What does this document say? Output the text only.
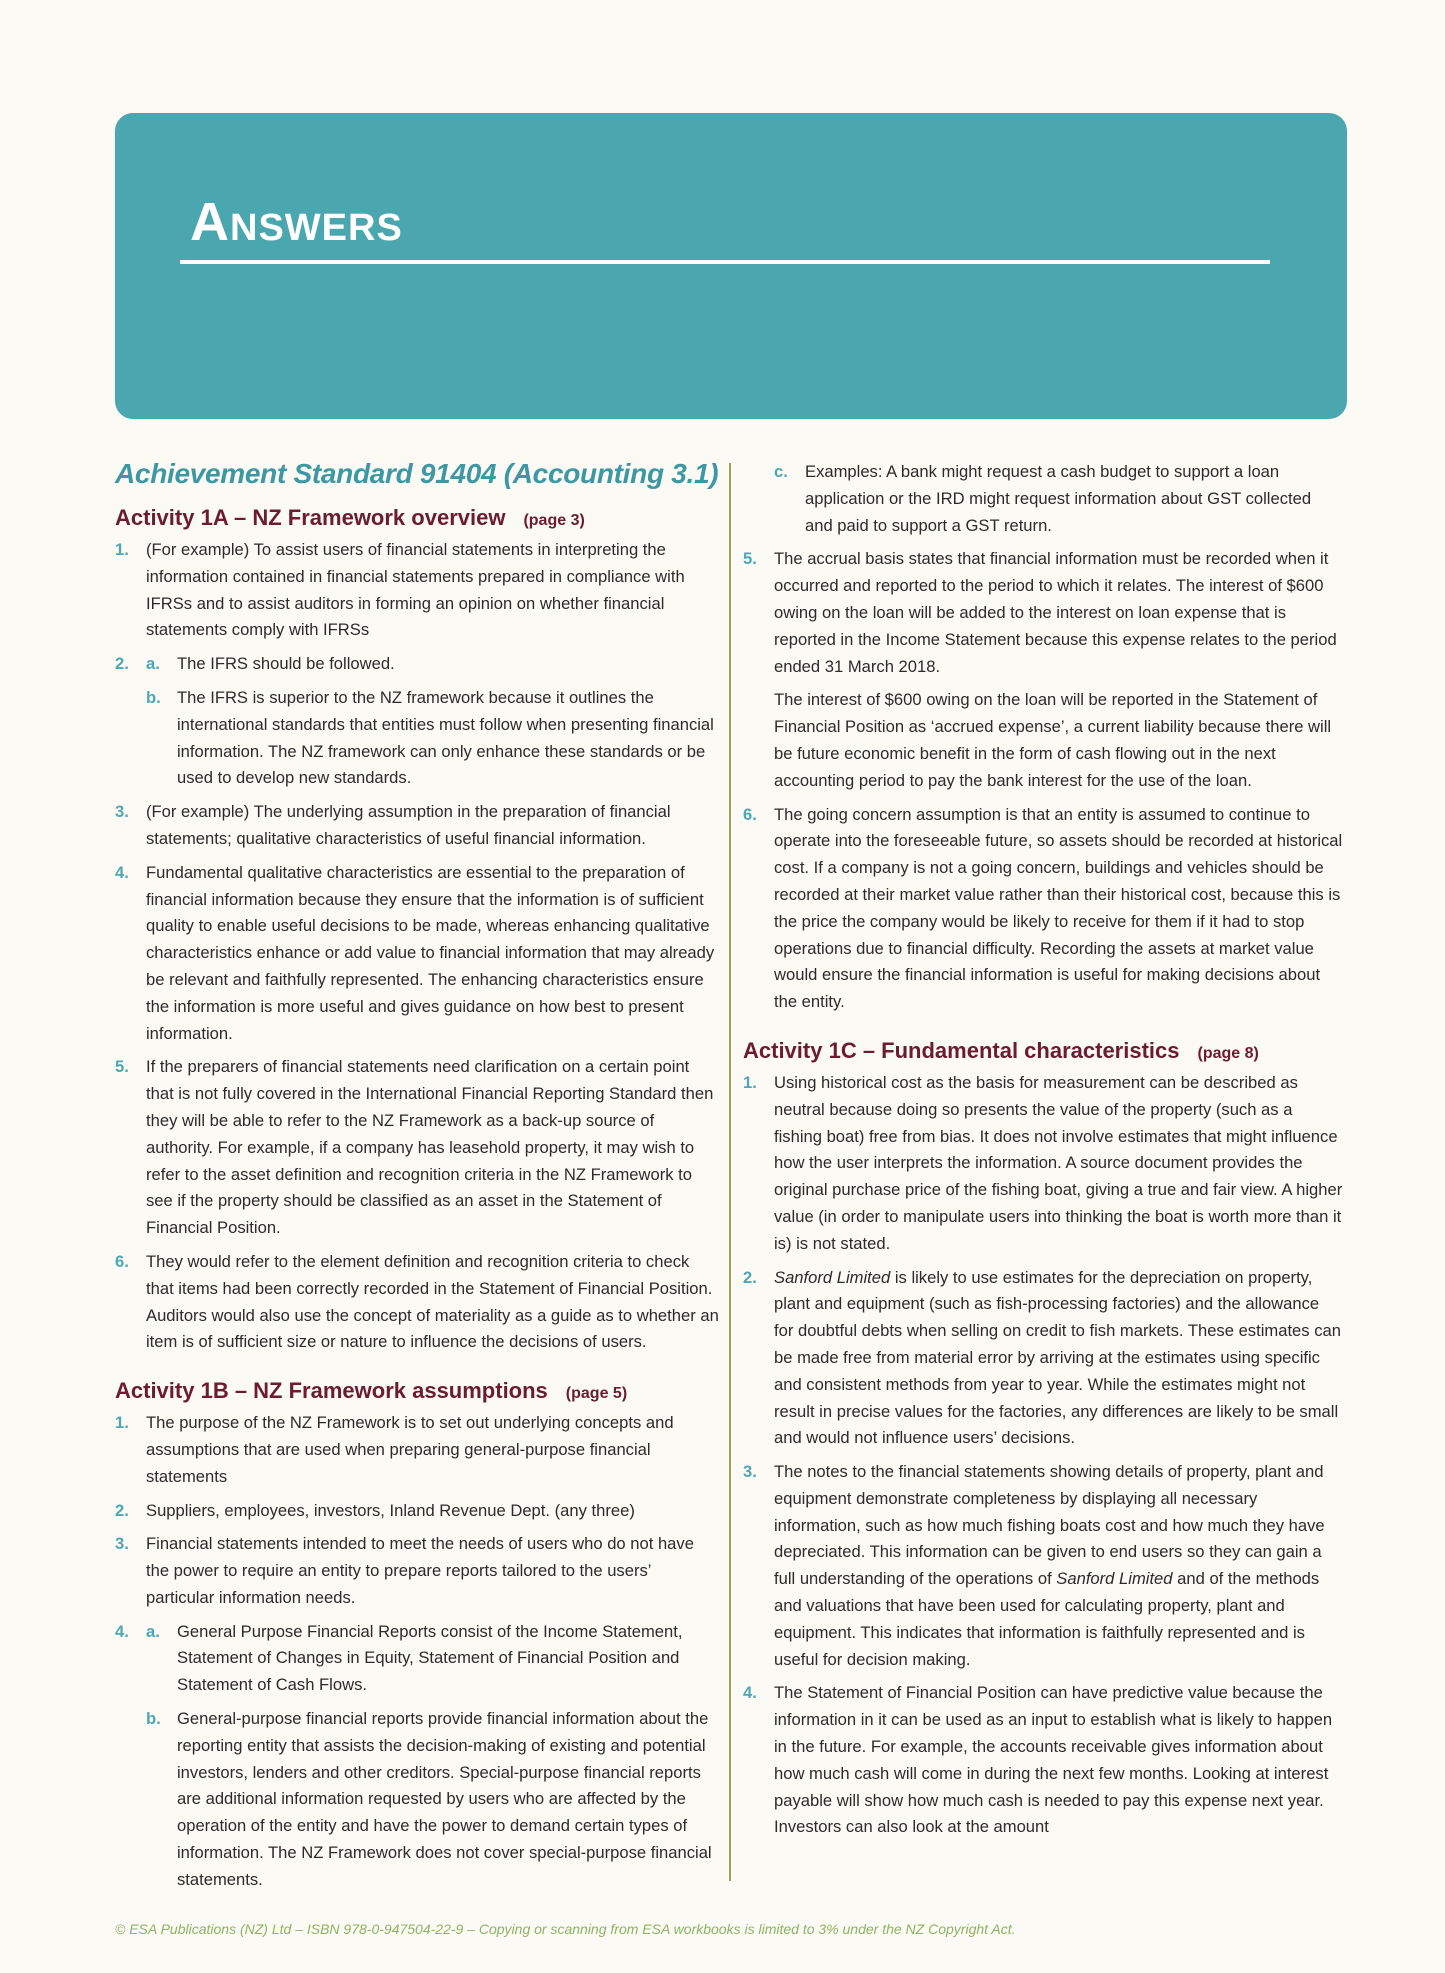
Answers
Achievement Standard 91404 (Accounting 3.1)
Activity 1A – NZ Framework overview (page 3)
1.	(For example) To assist users of financial statements in interpreting the information contained in financial statements prepared in compliance with IFRSs and to assist auditors in forming an opinion on whether financial statements comply with IFRSs
2.	a.	The IFRS should be followed.
b. The IFRS is superior to the NZ framework because it outlines the international standards that entities must follow when presenting financial information. The NZ framework can only enhance these standards or be used to develop new standards.
3.	(For example) The underlying assumption in the preparation of financial statements; qualitative characteristics of useful financial information.
4.	Fundamental qualitative characteristics are essential to the preparation of financial information because they ensure that the information is of sufficient quality to enable useful decisions to be made, whereas enhancing qualitative characteristics enhance or add value to financial information that may already be relevant and faithfully represented. The enhancing characteristics ensure the information is more useful and gives guidance on how best to present information.
5.	If the preparers of financial statements need clarification on a certain point that is not fully covered in the International Financial Reporting Standard then they will be able to refer to the NZ Framework as a back-up source of authority. For example, if a company has leasehold property, it may wish to refer to the asset definition and recognition criteria in the NZ Framework to see if the property should be classified as an asset in the Statement of Financial Position.
6.	They would refer to the element definition and recognition criteria to check that items had been correctly recorded in the Statement of Financial Position. Auditors would also use the concept of materiality as a guide as to whether an item is of sufficient size or nature to influence the decisions of users.
Activity 1B – NZ Framework assumptions (page 5)
1.	The purpose of the NZ Framework is to set out underlying concepts and assumptions that are used when preparing general-purpose financial statements
2.	Suppliers, employees, investors, Inland Revenue Dept. (any three)
3.	Financial statements intended to meet the needs of users who do not have the power to require an entity to prepare reports tailored to the users’ particular information needs.
4.	a.	General Purpose Financial Reports consist of the Income Statement, Statement of Changes in Equity, Statement of Financial Position and Statement of Cash Flows.
b. General-purpose financial reports provide financial information about the reporting entity that assists the decision-making of existing and potential investors, lenders and other creditors. Special-purpose financial reports are additional information requested by users who are affected by the operation of the entity and have the power to demand certain types of information. The NZ Framework does not cover special-purpose financial statements.
c.	Examples: A bank might request a cash budget to support a loan application or the IRD might request information about GST collected and paid to support a GST return.
5.	The accrual basis states that financial information must be recorded when it occurred and reported to the period to which it relates. The interest of $600 owing on the loan will be added to the interest on loan expense that is reported in the Income Statement because this expense relates to the period ended 31 March 2018.
The interest of $600 owing on the loan will be reported in the Statement of Financial Position as ‘accrued expense’, a current liability because there will be future economic benefit in the form of cash flowing out in the next accounting period to pay the bank interest for the use of the loan.
6.	The going concern assumption is that an entity is assumed to continue to operate into the foreseeable future, so assets should be recorded at historical cost. If a company is not a going concern, buildings and vehicles should be recorded at their market value rather than their historical cost, because this is the price the company would be likely to receive for them if it had to stop operations due to financial difficulty. Recording the assets at market value would ensure the financial information is useful for making decisions about the entity.
Activity 1C – Fundamental characteristics (page 8)
1.	Using historical cost as the basis for measurement can be described as neutral because doing so presents the value of the property (such as a fishing boat) free from bias. It does not involve estimates that might influence how the user interprets the information. A source document provides the original purchase price of the fishing boat, giving a true and fair view. A higher value (in order to manipulate users into thinking the boat is worth more than it is) is not stated.
2.	Sanford Limited is likely to use estimates for the depreciation on property, plant and equipment (such as fish-processing factories) and the allowance for doubtful debts when selling on credit to fish markets. These estimates can be made free from material error by arriving at the estimates using specific and consistent methods from year to year. While the estimates might not result in precise values for the factories, any differences are likely to be small and would not influence users’ decisions.
3.	The notes to the financial statements showing details of property, plant and equipment demonstrate completeness by displaying all necessary information, such as how much fishing boats cost and how much they have depreciated. This information can be given to end users so they can gain a full understanding of the operations of Sanford Limited and of the methods and valuations that have been used for calculating property, plant and equipment. This indicates that information is faithfully represented and is useful for decision making.
4.	The Statement of Financial Position can have predictive value because the information in it can be used as an input to establish what is likely to happen in the future. For example, the accounts receivable gives information about how much cash will come in during the next few months. Looking at interest payable will show how much cash is needed to pay this expense next year. Investors can also look at the amount

© ESA Publications (NZ) Ltd – ISBN 978-0-947504-22-9 – Copying or scanning from ESA workbooks is limited to 3% under the NZ Copyright Act.
